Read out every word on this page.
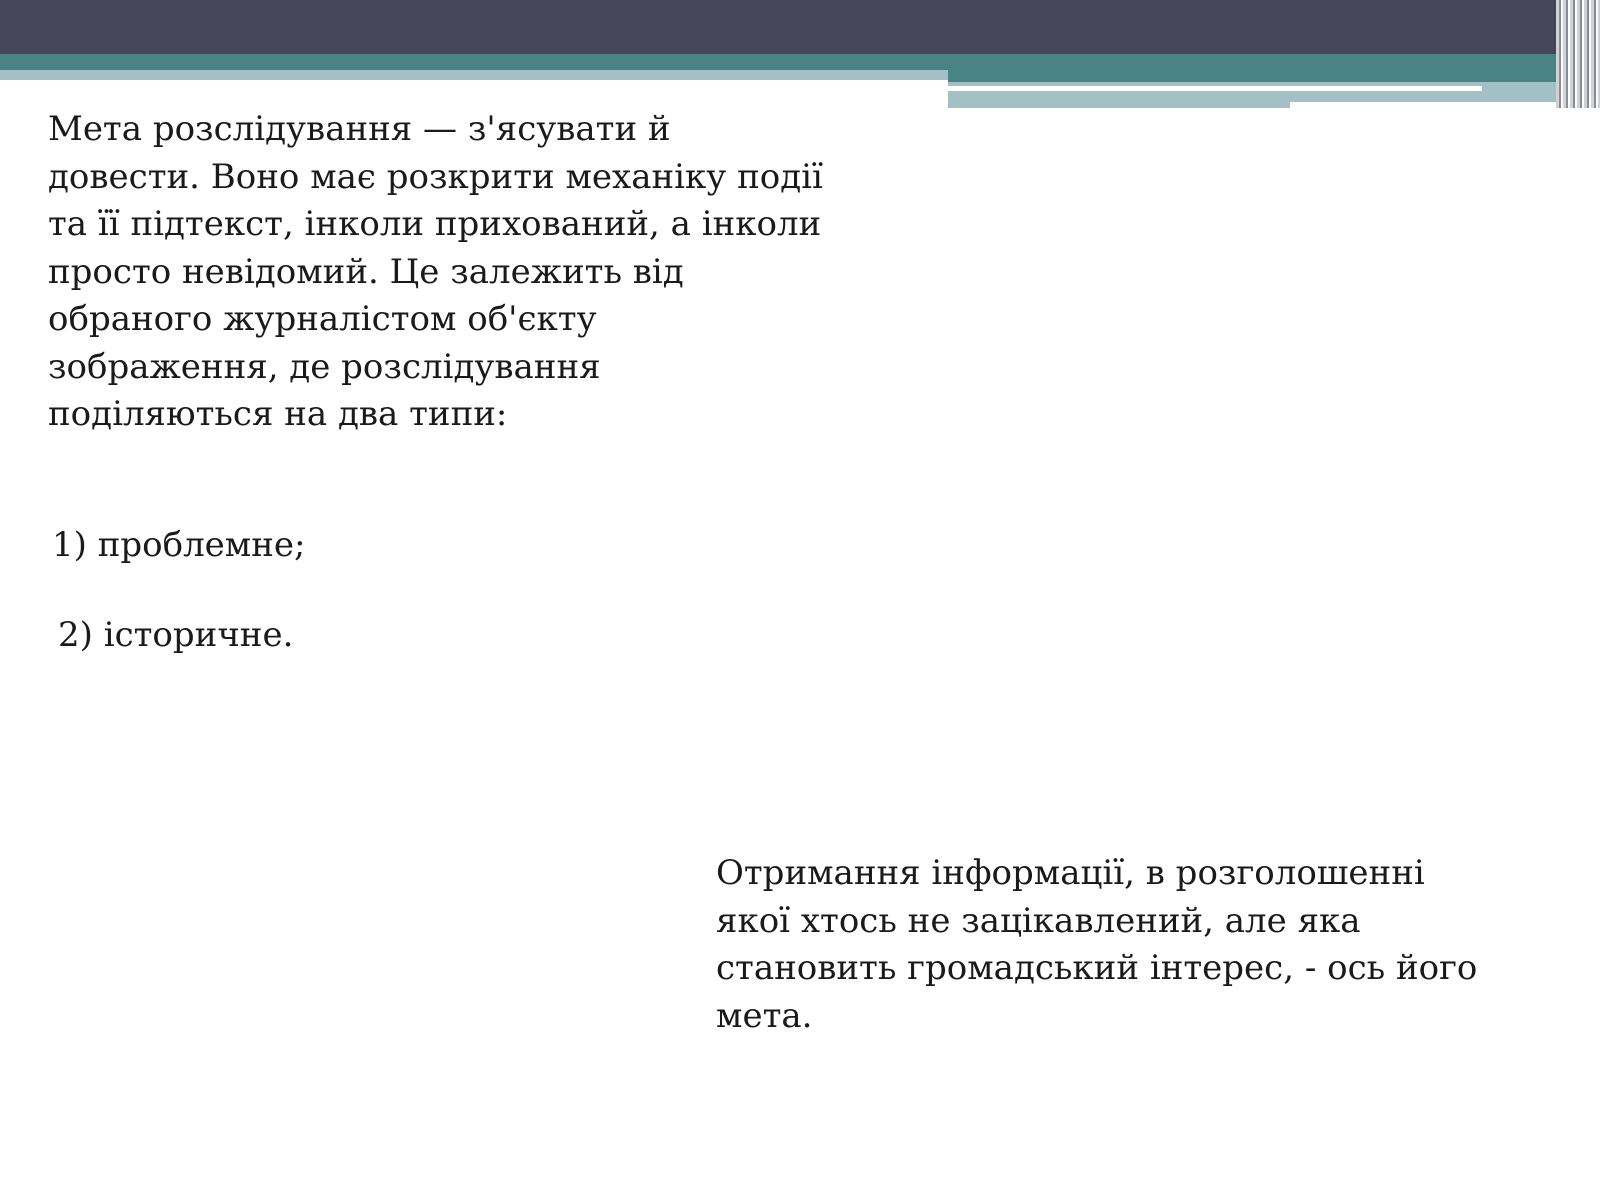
Мета розслідування — з'ясувати й довести. Воно має розкрити механіку події та її підтекст, інколи прихований, а інколи просто невідомий. Це залежить від обраного журналістом об'єкту зображення, де розслідування поділяються на два типи:

1) проблемне;

2) історичне.

Отримання інформації, в розголошенні якої хтось не зацікавлений, але яка становить громадський інтерес, - ось його мета.
